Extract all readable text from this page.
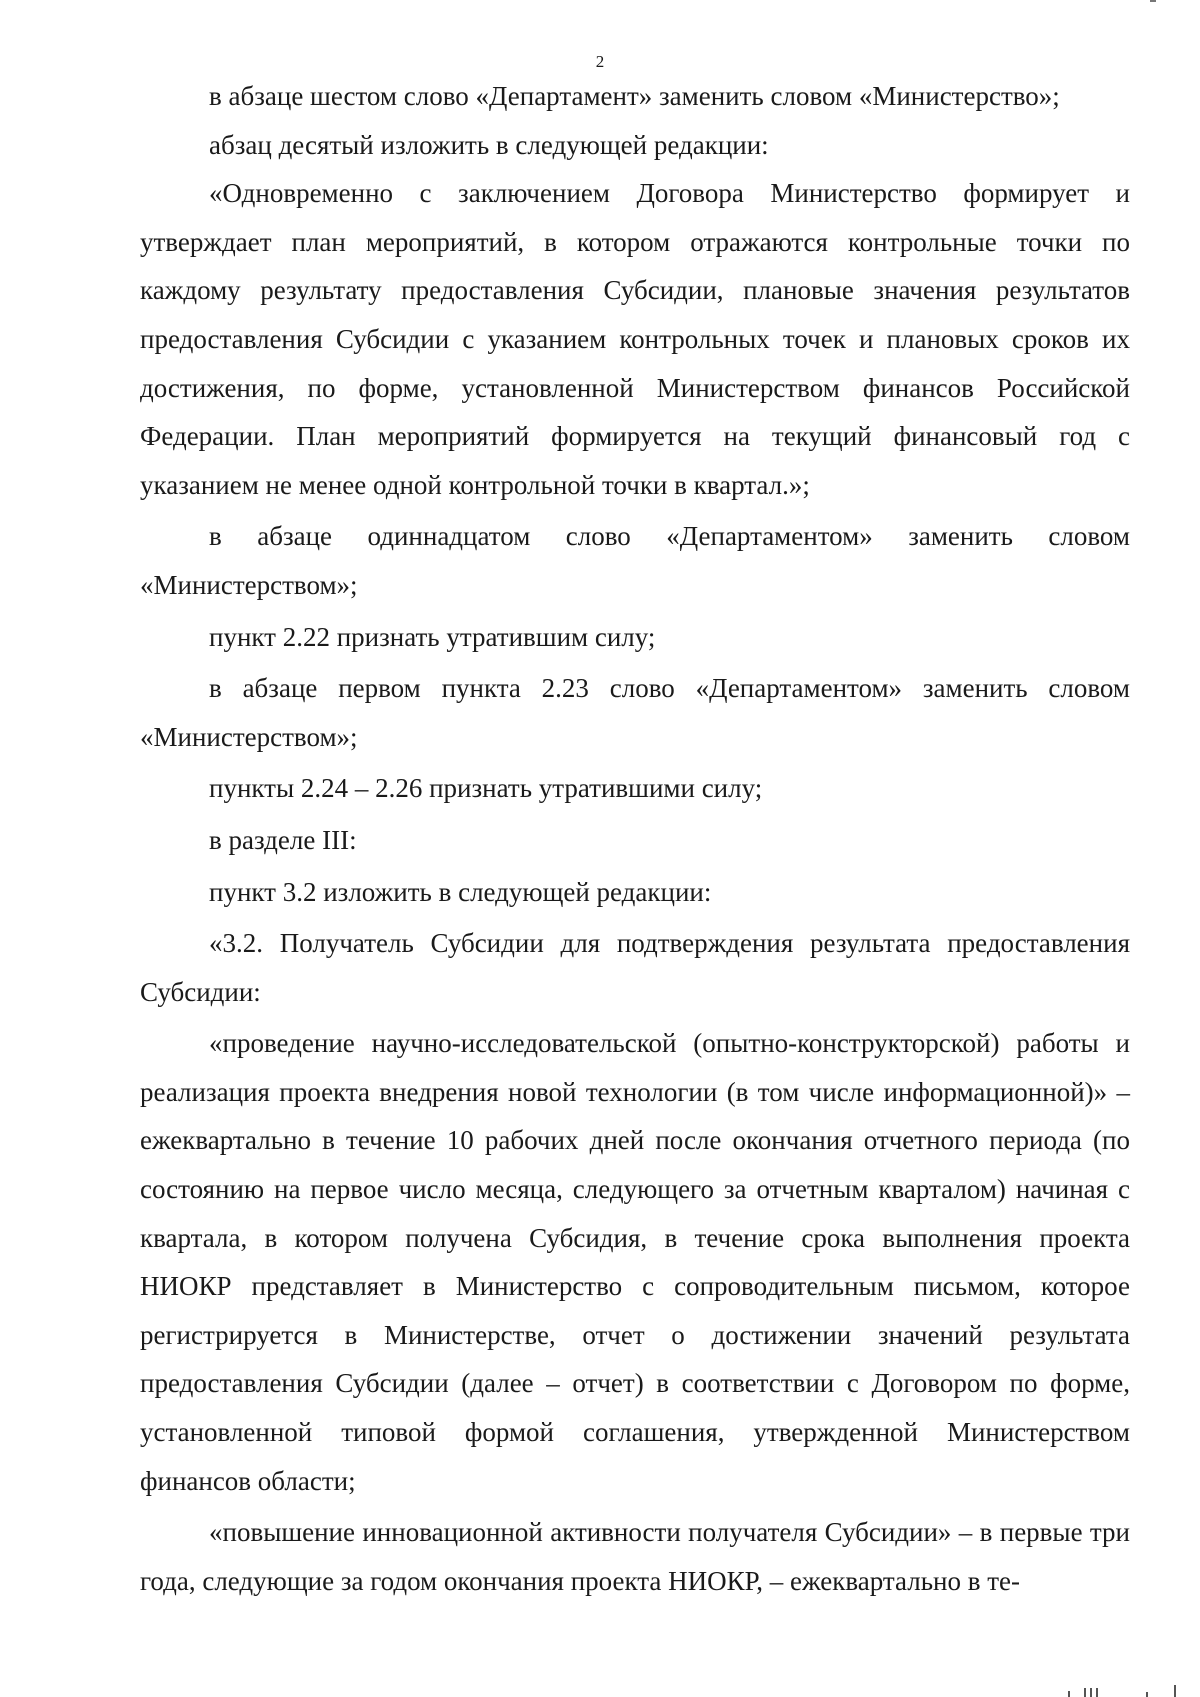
2

в абзаце шестом слово «Департамент» заменить словом «Министерство»;

абзац десятый изложить в следующей редакции:

«Одновременно с заключением Договора Министерство формирует и утверждает план мероприятий, в котором отражаются контрольные точки по каждому результату предоставления Субсидии, плановые значения результатов предоставления Субсидии с указанием контрольных точек и плановых сроков их достижения, по форме, установленной Министерством финансов Российской Федерации. План мероприятий формируется на текущий финансовый год с указанием не менее одной контрольной точки в квартал.»;

в абзаце одиннадцатом слово «Департаментом» заменить словом «Министерством»;

пункт 2.22 признать утратившим силу;

в абзаце первом пункта 2.23 слово «Департаментом» заменить словом «Министерством»;

пункты 2.24 – 2.26 признать утратившими силу;

в разделе III:

пункт 3.2 изложить в следующей редакции:

«3.2. Получатель Субсидии для подтверждения результата предоставления Субсидии:

«проведение научно-исследовательской (опытно-конструкторской) работы и реализация проекта внедрения новой технологии (в том числе информационной)» – ежеквартально в течение 10 рабочих дней после окончания отчетного периода (по состоянию на первое число месяца, следующего за отчетным кварталом) начиная с квартала, в котором получена Субсидия, в течение срока выполнения проекта НИОКР представляет в Министерство с сопроводительным письмом, которое регистрируется в Министерстве, отчет о достижении значений результата предоставления Субсидии (далее – отчет) в соответствии с Договором по форме, установленной типовой формой соглашения, утвержденной Министерством финансов области;

«повышение инновационной активности получателя Субсидии» – в первые три года, следующие за годом окончания проекта НИОКР, – ежеквартально в те-
